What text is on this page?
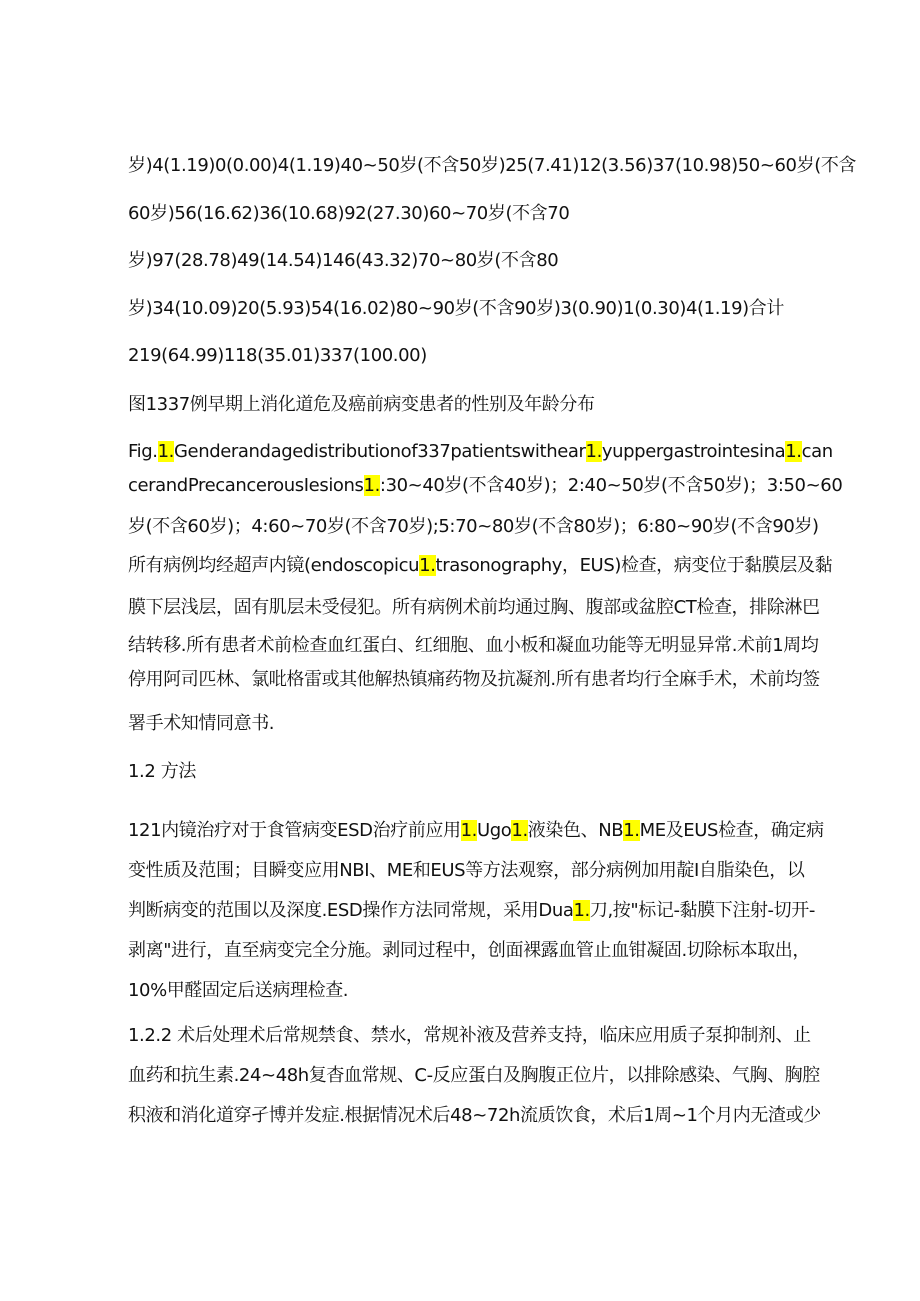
岁)4(1.19)0(0.00)4(1.19)40~50岁(不含50岁)25(7.41)12(3.56)37(10.98)50~60岁(不含
60岁)56(16.62)36(10.68)92(27.30)60~70岁(不含70
岁)97(28.78)49(14.54)146(43.32)70~80岁(不含80
岁)34(10.09)20(5.93)54(16.02)80~90岁(不含90岁)3(0.90)1(0.30)4(1.19)合计
219(64.99)118(35.01)337(100.00)
图1337例早期上消化道危及癌前病变患者的性别及年龄分布
Fig.1.Genderandagedistributionof337patientswithear1.yuppergastrointesina1.can
cerandPrecancerousIesions1.:30~40岁(不含40岁)；2:40~50岁(不含50岁)；3:50~60
岁(不含60岁)；4:60~70岁(不含70岁);5:70~80岁(不含80岁)；6:80~90岁(不含90岁)
所有病例均经超声内镜(endoscopicu1.trasonography，EUS)检查，病变位于黏膜层及黏
膜下层浅层，固有肌层未受侵犯。所有病例术前均通过胸、腹部或盆腔CT检查，排除淋巴
结转移.所有患者术前检查血红蛋白、红细胞、血小板和凝血功能等无明显异常.术前1周均
停用阿司匹林、氯吡格雷或其他解热镇痛药物及抗凝剂.所有患者均行全麻手术，术前均签
署手术知情同意书.
1.2 方法
121内镜治疗对于食管病变ESD治疗前应用1.Ugo1.液染色、NB1.ME及EUS检查，确定病
变性质及范围；目瞬变应用NBI、ME和EUS等方法观察，部分病例加用靛I自脂染色，以
判断病变的范围以及深度.ESD操作方法同常规，采用Dua1.刀,按"标记-黏膜下注射-切开-
剥离"进行，直至病变完全分施。剥同过程中，创面裸露血管止血钳凝固.切除标本取出，
10%甲醛固定后送病理检查.
1.2.2 术后处理术后常规禁食、禁水，常规补液及营养支持，临床应用质子泵抑制剂、止
血药和抗生素.24~48h复杳血常规、C-反应蛋白及胸腹正位片，以排除感染、气胸、胸腔
积液和消化道穿孑博并发症.根据情况术后48~72h流质饮食，术后1周~1个月内无渣或少
